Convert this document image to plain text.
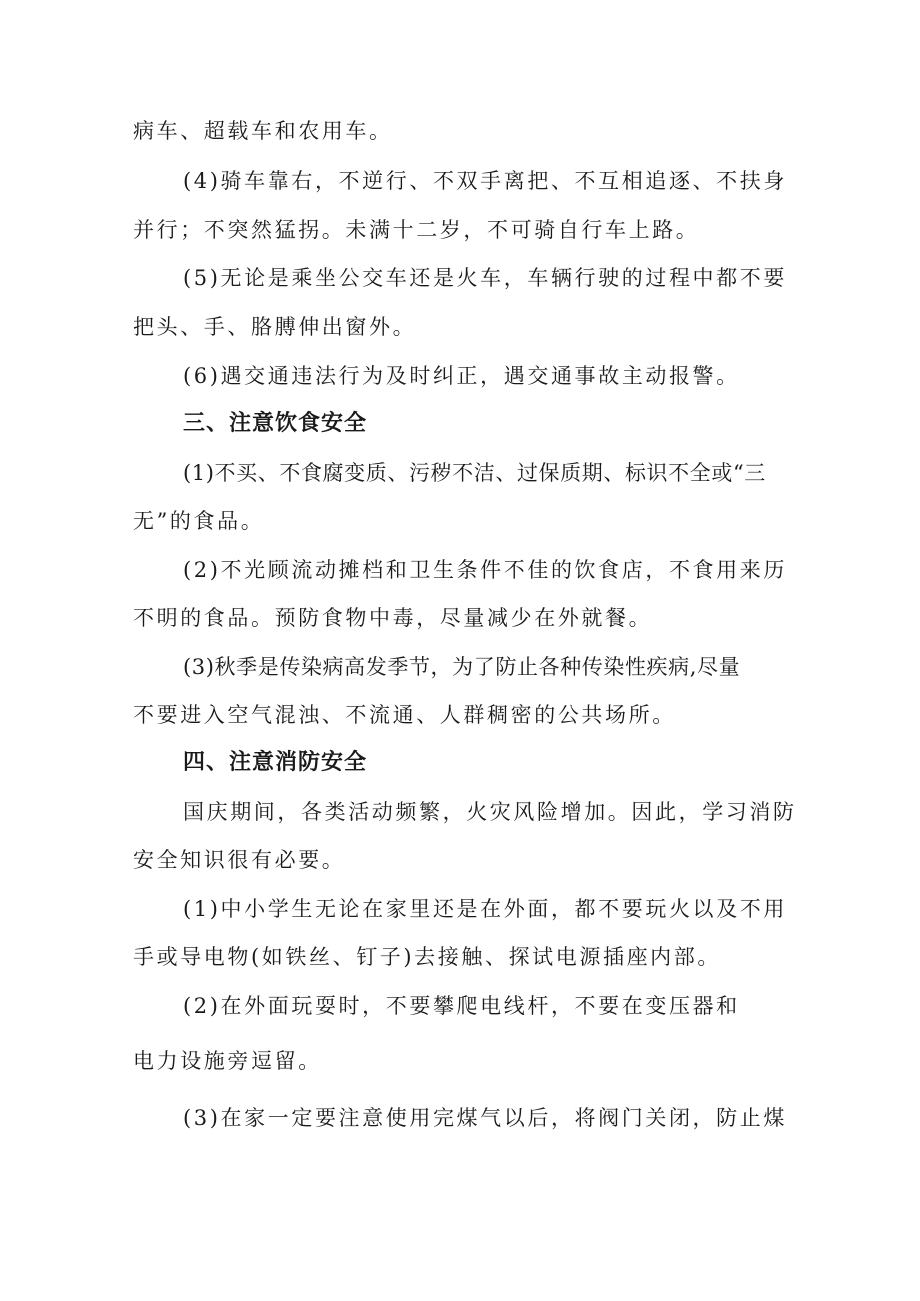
病车、超载车和农用车。
(4)骑车靠右，不逆行、不双手离把、不互相追逐、不扶身
并行；不突然猛拐。未满十二岁，不可骑自行车上路。
(5)无论是乘坐公交车还是火车，车辆行驶的过程中都不要
把头、手、胳膊伸出窗外。
(6)遇交通违法行为及时纠正，遇交通事故主动报警。
三、注意饮食安全
(1)不买、不食腐变质、污秽不洁、过保质期、标识不全或“三
无”的食品。
(2)不光顾流动摊档和卫生条件不佳的饮食店，不食用来历
不明的食品。预防食物中毒，尽量减少在外就餐。
(3)秋季是传染病高发季节，为了防止各种传染性疾病,尽量
不要进入空气混浊、不流通、人群稠密的公共场所。
四、注意消防安全
国庆期间，各类活动频繁，火灾风险增加。因此，学习消防
安全知识很有必要。
(1)中小学生无论在家里还是在外面，都不要玩火以及不用
手或导电物(如铁丝、钉子)去接触、探试电源插座内部。
(2)在外面玩耍时，不要攀爬电线杆，不要在变压器和
电力设施旁逗留。
(3)在家一定要注意使用完煤气以后，将阀门关闭，防止煤
